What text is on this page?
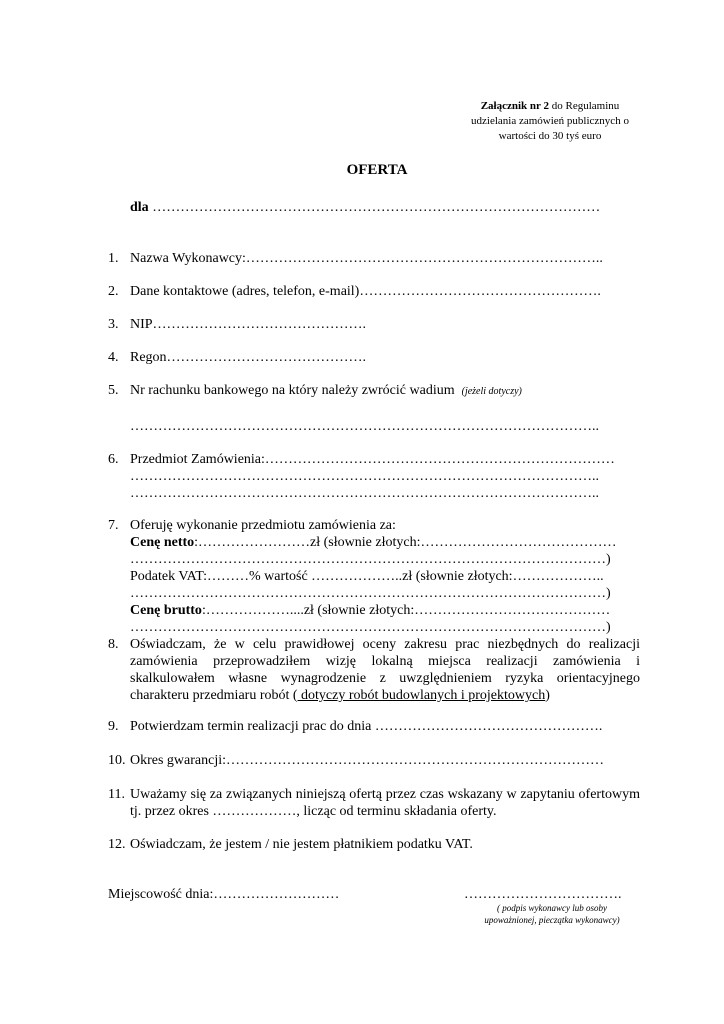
Załącznik nr 2 do Regulaminu
udzielania zamówień publicznych o
wartości do 30 tyś euro
OFERTA
dla ……………………………………………………………………………………
1. Nazwa Wykonawcy:…………………………………………………………………..
2. Dane kontaktowe (adres, telefon, e-mail)…………………………………………….
3. NIP……………………………………….
4. Regon…………………………………….
5. Nr rachunku bankowego na który należy zwrócić wadium (jeżeli dotyczy)
………………………………………………………………………………………..
6. Przedmiot Zamówienia:…………………………………………………………………
………………………………………………………………………………………..
………………………………………………………………………………………..
7. Oferuję wykonanie przedmiotu zamówienia za:
Cenę netto:……………………zł (słownie złotych:……………………………………
…………………………………………………………………………………………)
Podatek VAT:………% wartość ………………..zł (słownie złotych:………………..
…………………………………………………………………………………………)
Cenę brutto:………………....zł (słownie złotych:……………………………………
…………………………………………………………………………………………)
8. Oświadczam, że w celu prawidłowej oceny zakresu prac niezbędnych do realizacji zamówienia przeprowadziłem wizję lokalną miejsca realizacji zamówienia i skalkulowałem własne wynagrodzenie z uwzględnieniem ryzyka orientacyjnego charakteru przedmiaru robót ( dotyczy robót budowlanych i projektowych)
9. Potwierdzam termin realizacji prac do dnia ………………………………………….
10. Okres gwarancji:………………………………………………………………………
11. Uważamy się za związanych niniejszą ofertą przez czas wskazany w zapytaniu ofertowym tj. przez okres ………………, licząc od terminu składania oferty.
12. Oświadczam, że jestem / nie jestem płatnikiem podatku VAT.
Miejscowość dnia:………………………	…………………………….
( podpis wykonawcy lub osoby
upoważnionej, pieczątka wykonawcy)
